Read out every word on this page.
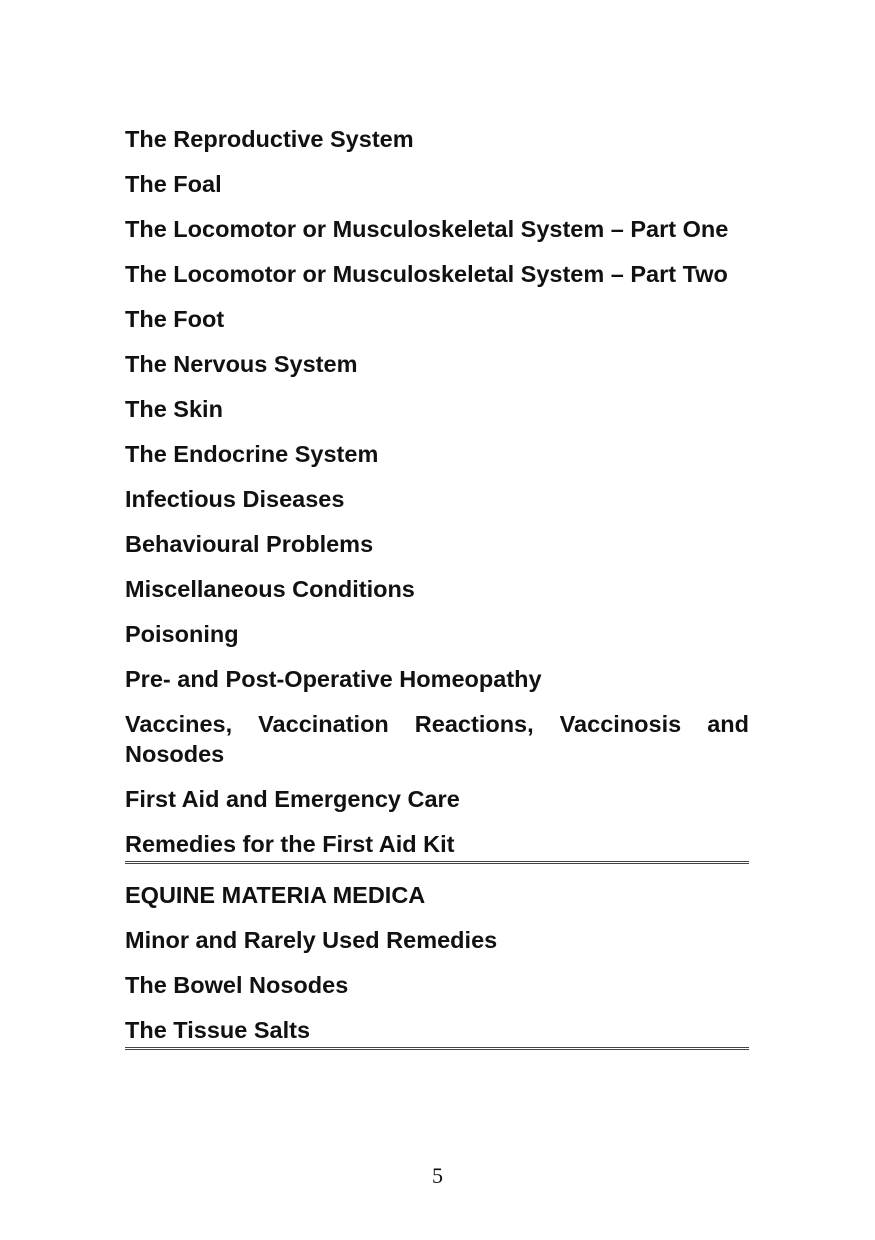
The Reproductive System
The Foal
The Locomotor or Musculoskeletal System – Part One
The Locomotor or Musculoskeletal System – Part Two
The Foot
The Nervous System
The Skin
The Endocrine System
Infectious Diseases
Behavioural Problems
Miscellaneous Conditions
Poisoning
Pre- and Post-Operative Homeopathy
Vaccines, Vaccination Reactions, Vaccinosis and Nosodes
First Aid and Emergency Care
Remedies for the First Aid Kit
EQUINE MATERIA MEDICA
Minor and Rarely Used Remedies
The Bowel Nosodes
The Tissue Salts
5
